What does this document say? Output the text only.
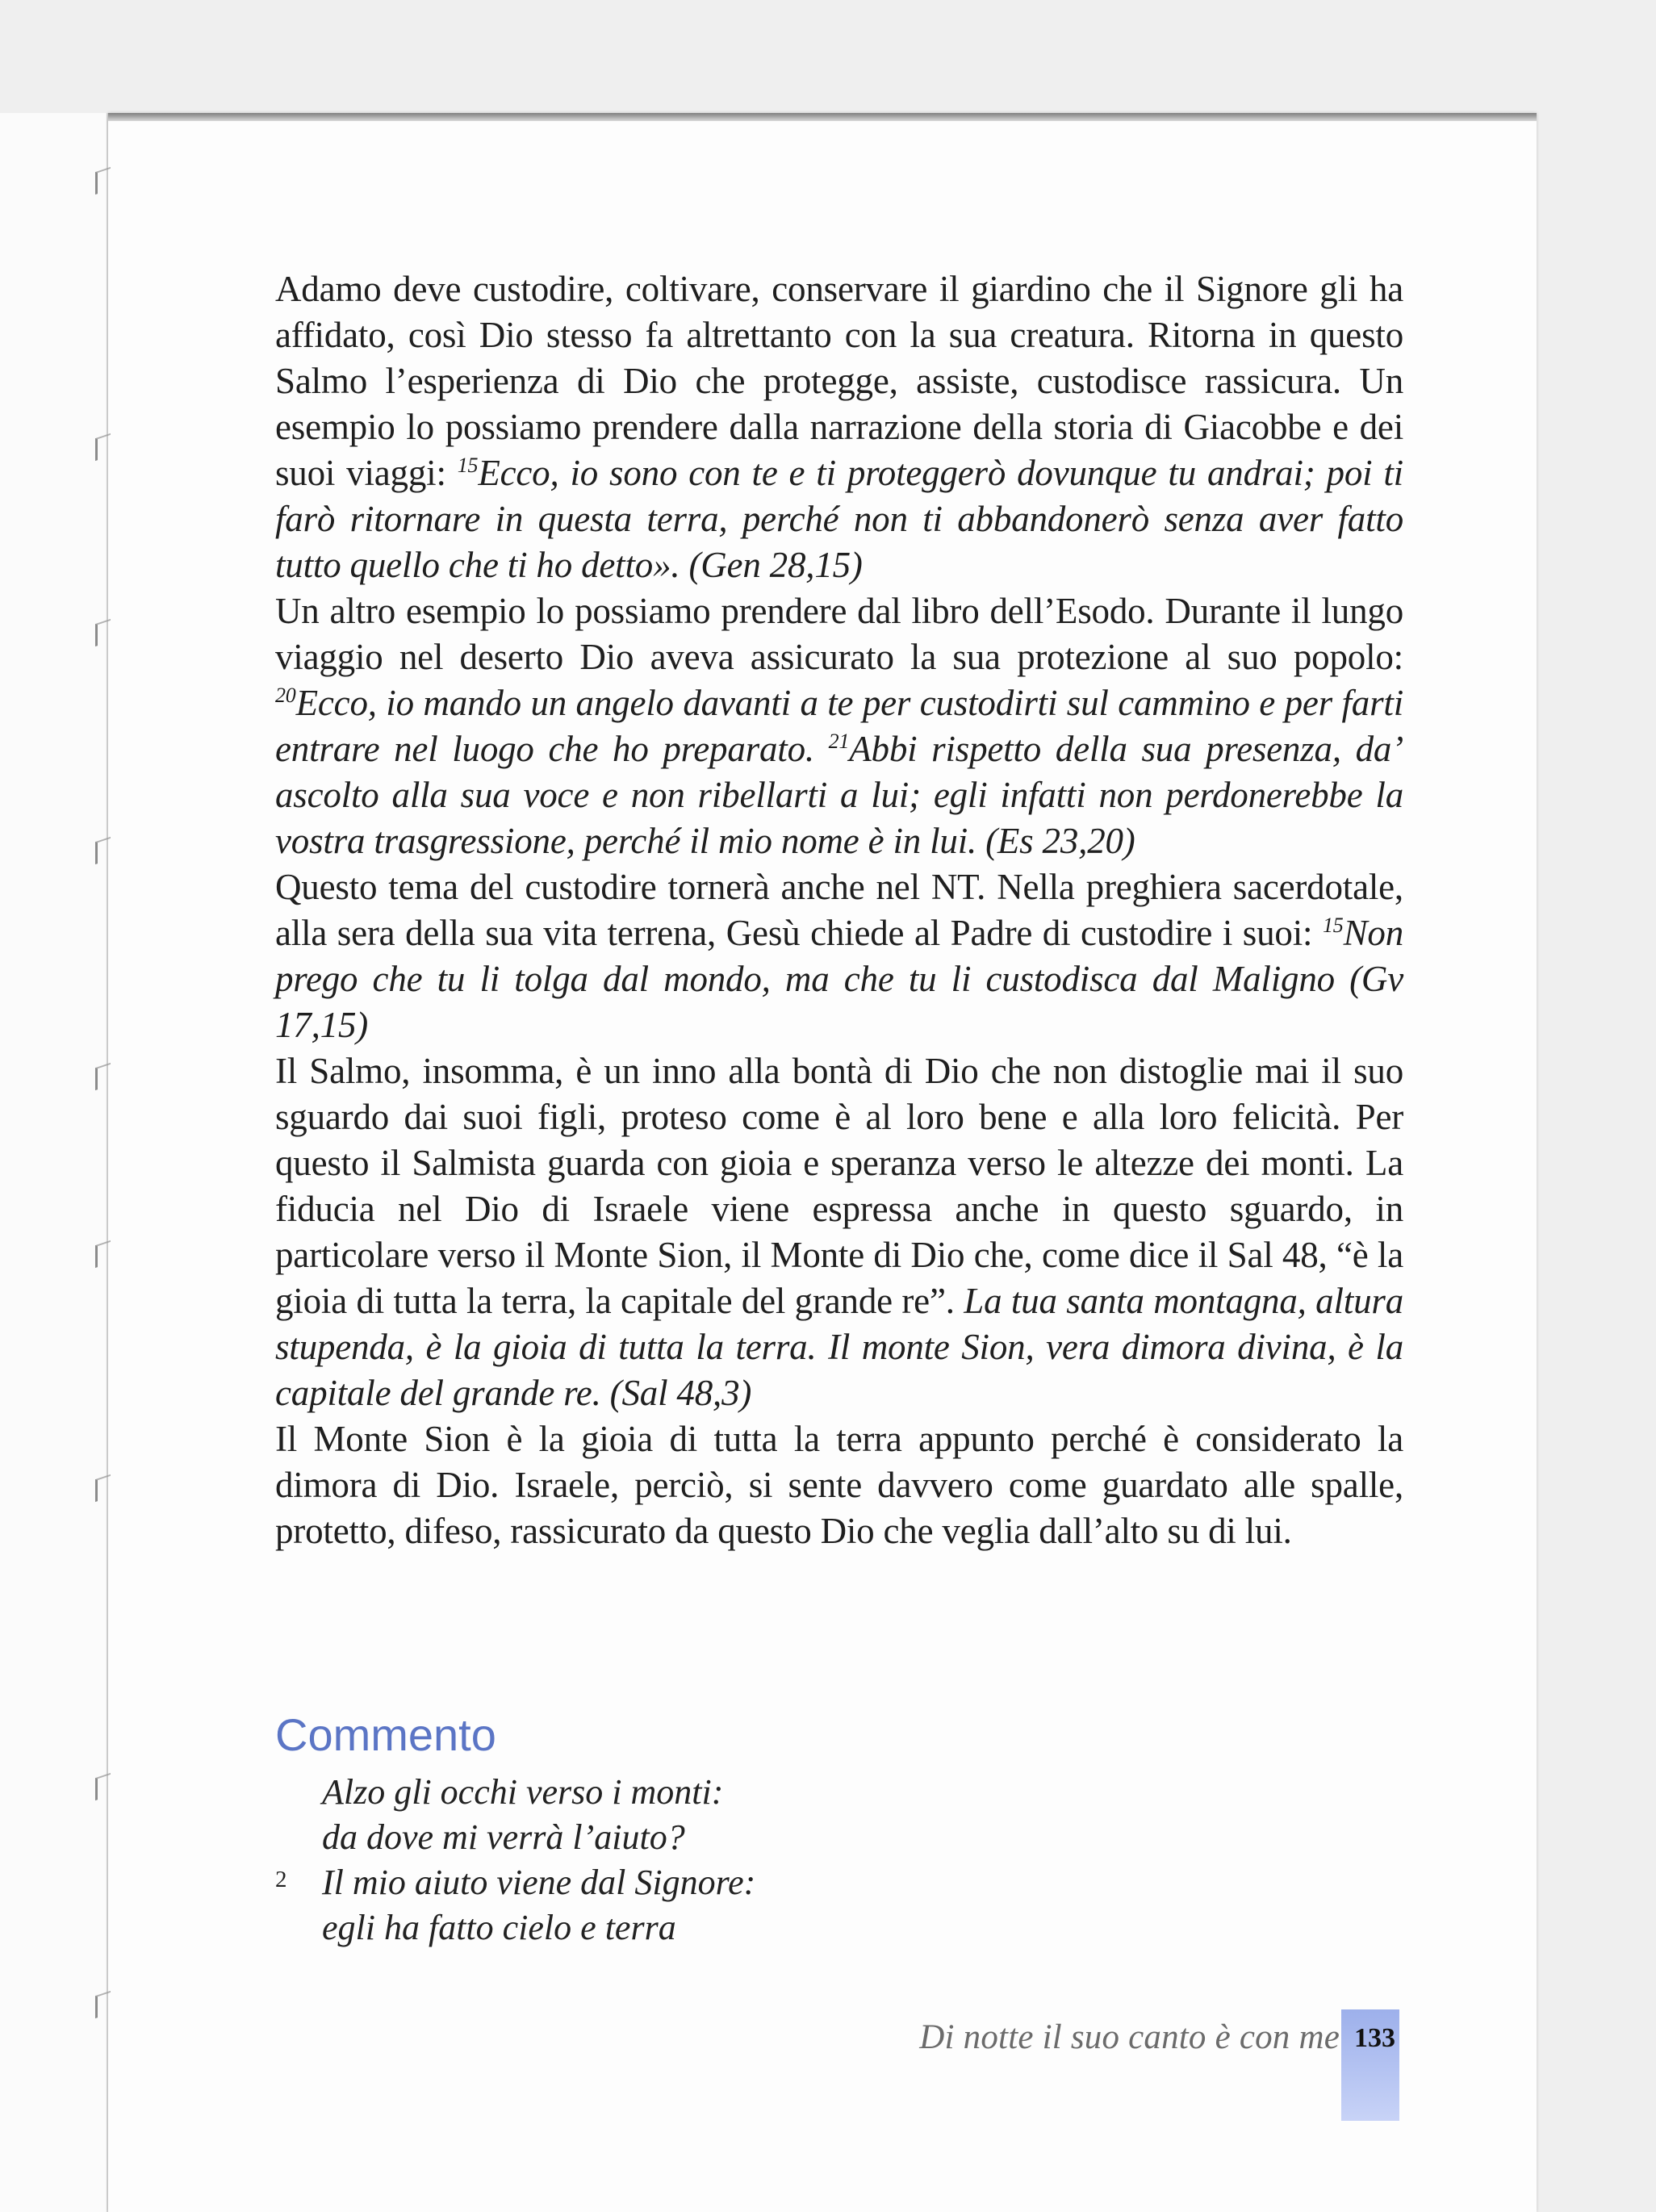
Adamo deve custodire, coltivare, conservare il giardino che il Signore gli ha affidato, così Dio stesso fa altrettanto con la sua creatura. Ritorna in questo Salmo l’esperienza di Dio che protegge, assiste, custodisce rassicura. Un esempio lo possiamo prendere dalla narrazione della storia di Giacobbe e dei suoi viaggi: $^{15}$Ecco, io sono con te e ti proteggerò dovunque tu andrai; poi ti farò ritornare in questa terra, perché non ti abbandonerò senza aver fatto tutto quello che ti ho detto». (Gen 28,15)

Un altro esempio lo possiamo prendere dal libro dell’Esodo. Durante il lungo viaggio nel deserto Dio aveva assicurato la sua protezione al suo popolo: $^{20}$Ecco, io mando un angelo davanti a te per custodirti sul cammino e per farti entrare nel luogo che ho preparato. $^{21}$Abbi rispetto della sua presenza, da’ ascolto alla sua voce e non ribellarti a lui; egli infatti non perdonerebbe la vostra trasgressione, perché il mio nome è in lui. (Es 23,20)

Questo tema del custodire tornerà anche nel NT. Nella preghiera sacerdotale, alla sera della sua vita terrena, Gesù chiede al Padre di custodire i suoi: $^{15}$Non prego che tu li tolga dal mondo, ma che tu li custodisca dal Maligno (Gv 17,15)

Il Salmo, insomma, è un inno alla bontà di Dio che non distoglie mai il suo sguardo dai suoi figli, proteso come è al loro bene e alla loro felicità. Per questo il Salmista guarda con gioia e speranza verso le altezze dei monti. La fiducia nel Dio di Israele viene espressa anche in questo sguardo, in particolare verso il Monte Sion, il Monte di Dio che, come dice il Sal 48, “è la gioia di tutta la terra, la capitale del grande re”. La tua santa montagna, altura stupenda, è la gioia di tutta la terra. Il monte Sion, vera dimora divina, è la capitale del grande re. (Sal 48,3)

Il Monte Sion è la gioia di tutta la terra appunto perché è considerato la dimora di Dio. Israele, perciò, si sente davvero come guardato alle spalle, protetto, difeso, rassicurato da questo Dio che veglia dall’alto su di lui.

Commento
Alzo gli occhi verso i monti:
da dove mi verrà l’aiuto?
2 Il mio aiuto viene dal Signore:
egli ha fatto cielo e terra
Di notte il suo canto è con me 133
